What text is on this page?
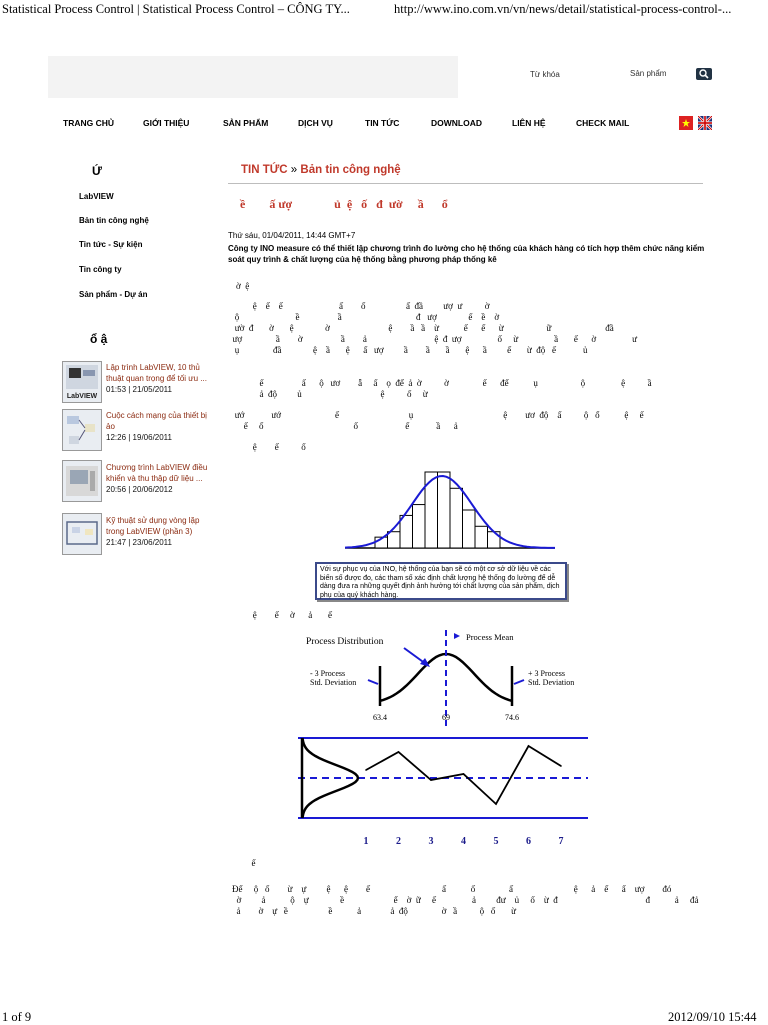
Statistical Process Control | Statistical Process Control – CÔNG TY...	http://www.ino.com.vn/vn/news/detail/statistical-process-control-...
Từ khóa	Sản phẩm
TRANG CHỦ	GIỚI THIỆU	SẢN PHẨM	DỊCH VỤ	TIN TỨC	DOWNLOAD	LIÊN HỆ	CHECK MAIL
Ứ
LabVIEW
Bản tin công nghệ
Tin tức - Sự kiện
Tin công ty
Sản phẩm - Dự án
ổ ậ
LabVIEW
Lập trình LabVIEW, 10 thủ thuật quan trọng để tối ưu ...
01:53 | 21/05/2011
Cuộc cách mạng của thiết bị ảo
12:26 | 19/06/2011
Chương trình LabVIEW điều khiển và thu thập dữ liệu ...
20:56 | 20/06/2012
Kỹ thuật sử dụng vòng lặp trong LabVIEW (phần 3)
21:47 | 23/06/2011
TIN TỨC » Bản tin công nghệ
ề        ấ ượ              ủ  ệ   ố   đ  ườ     ầ      ổ
Thứ sáu, 01/04/2011, 14:44 GMT+7
Công ty INO measure có thể thiết lập chương trình đo lường cho hệ thống của khách hàng có tích hợp thêm chức năng kiểm soát quy trình & chất lượng của hệ thống bằng phương pháp thống kê
ờ  ệ
ệ    ế    ế                         ấ        ố                  ấ  đầ         ượ  ư          ờ
ộ                         ề                 ầ                                 đ   ượ              ế    ề    ờ
ườ  đ       ờ       ệ              ờ                          ệ        ầ   ầ    ừ           ế      ế      ừ                   ữ                        đầ
ượ               ầ        ờ                 ầ        ả                              ệ  đ  ượ                ố     ừ                ầ       ế      ờ                ư
ụ               đầ              ệ    ầ       ệ      ấ   ượ         ầ        ầ       ầ       ệ      ầ         ế       ừ  độ   ế            ủ
ế                 ấ      ộ   ươ        ẫ     ấ    ọ  để  ả  ờ          ờ               ế      để           ụ                   ộ                ệ          ầ
ả  độ         ủ                                   ệ          ố     ừ
ướ            ướ                        ế                               ụ                                        ệ        ươ  độ    ấ          ộ   ổ           ệ     ế
ế     ố                                        ố                     ế            ầ      ả
ệ        ế          ố
Với sự phục vụ của INO, hệ thống của bạn sẽ có một cơ sở dữ liệu về các biến số được đo, các tham số xác định chất lượng hệ thống đo lường để dễ dàng đưa ra những quyết định ảnh hưởng tới chất lượng của sản phẩm, dịch phụ của quý khách hàng.
ệ        ế     ờ      ả       ế
Process Distribution	Process Mean
- 3 Process
Std. Deviation
+ 3 Process
Std. Deviation
63.4	69	74.6
1	2	3	4	5	6	7
ế
Để     ộ   ố        ừ    ự         ệ      ệ        ế                                ấ           ố               ấ                           ệ      ả    ế      ẩ    ượ        đó
ờ         ả           ộ    ự              ề                      ể    ờ  ữ     ế                ả         đư    ủ     ố    ừ  đ                                       đ           ả     đả
ả        ờ    ự   ề                  ề           ả             ả  độ               ờ   ầ          ộ   ố       ừ
1 of 9	2012/09/10 15:44
